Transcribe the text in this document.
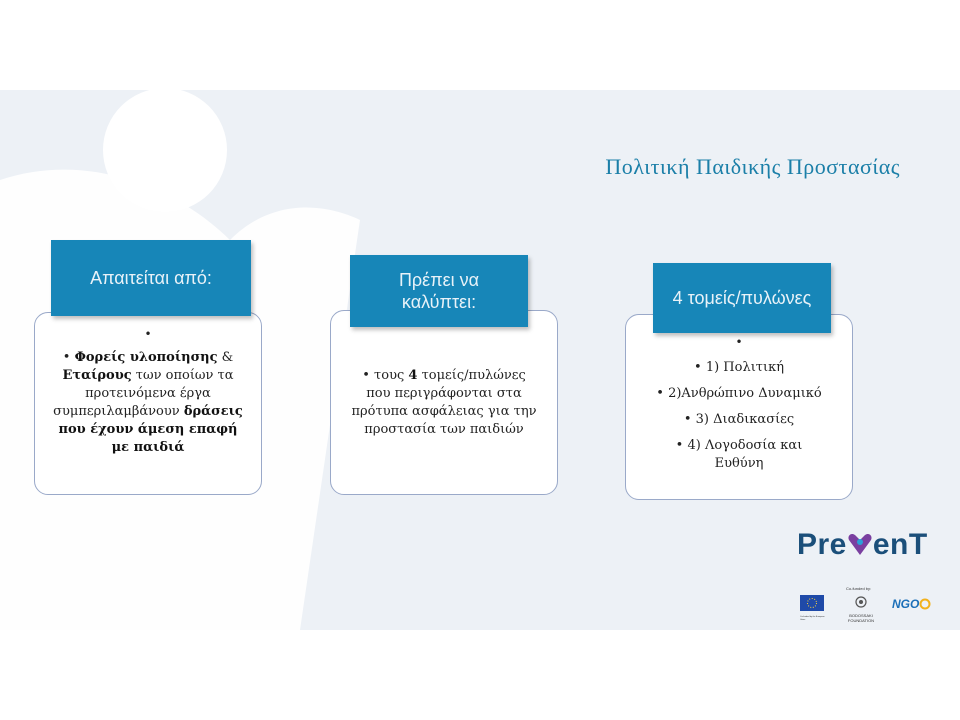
Πολιτική Παιδικής Προστασίας
•
• Φορείς υλοποίησης & Εταίρους των οποίων τα προτεινόμενα έργα συμπεριλαμβάνουν δράσεις που έχουν άμεση επαφή με παιδιά
Απαιτείται από:
• τους 4 τομείς/πυλώνες που περιγράφονται στα πρότυπα ασφάλειας για την προστασία των παιδιών
Πρέπει να καλύπτει:
•
• 1) Πολιτική
• 2)Ανθρώπινο Δυναμικό
• 3) Διαδικασίες
• 4) Λογοδοσία και Ευθύνη
4 τομείς/πυλώνες
Pre enT
Co-funded by the European Union
Co-funded by:
BODOSSAKI FOUNDATION
NGO
